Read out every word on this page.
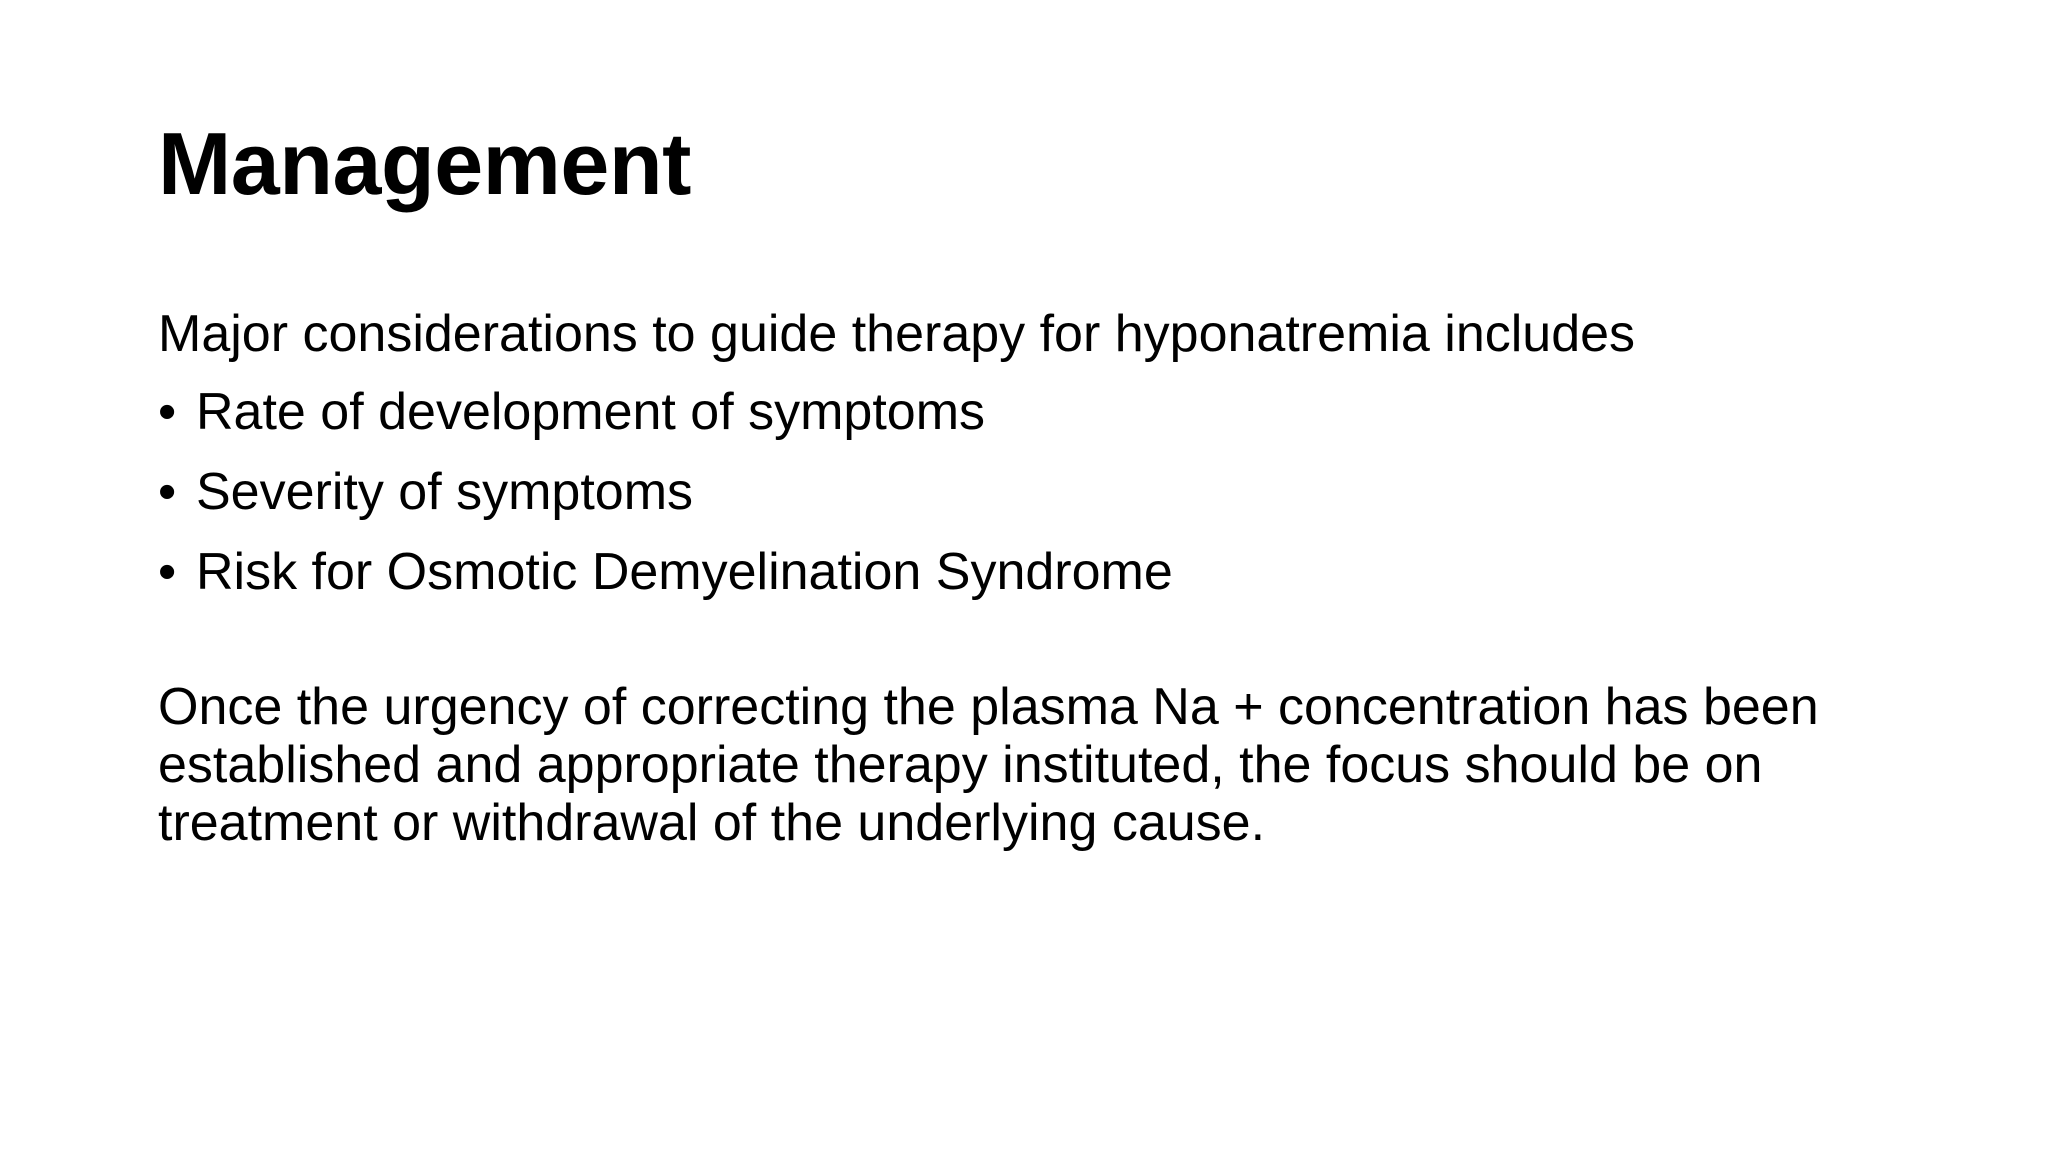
Management

Major considerations to guide therapy for hyponatremia includes

• Rate of development of symptoms
• Severity of symptoms
• Risk for Osmotic Demyelination Syndrome

Once the urgency of correcting the plasma Na + concentration has been established and appropriate therapy instituted, the focus should be on treatment or withdrawal of the underlying cause.
